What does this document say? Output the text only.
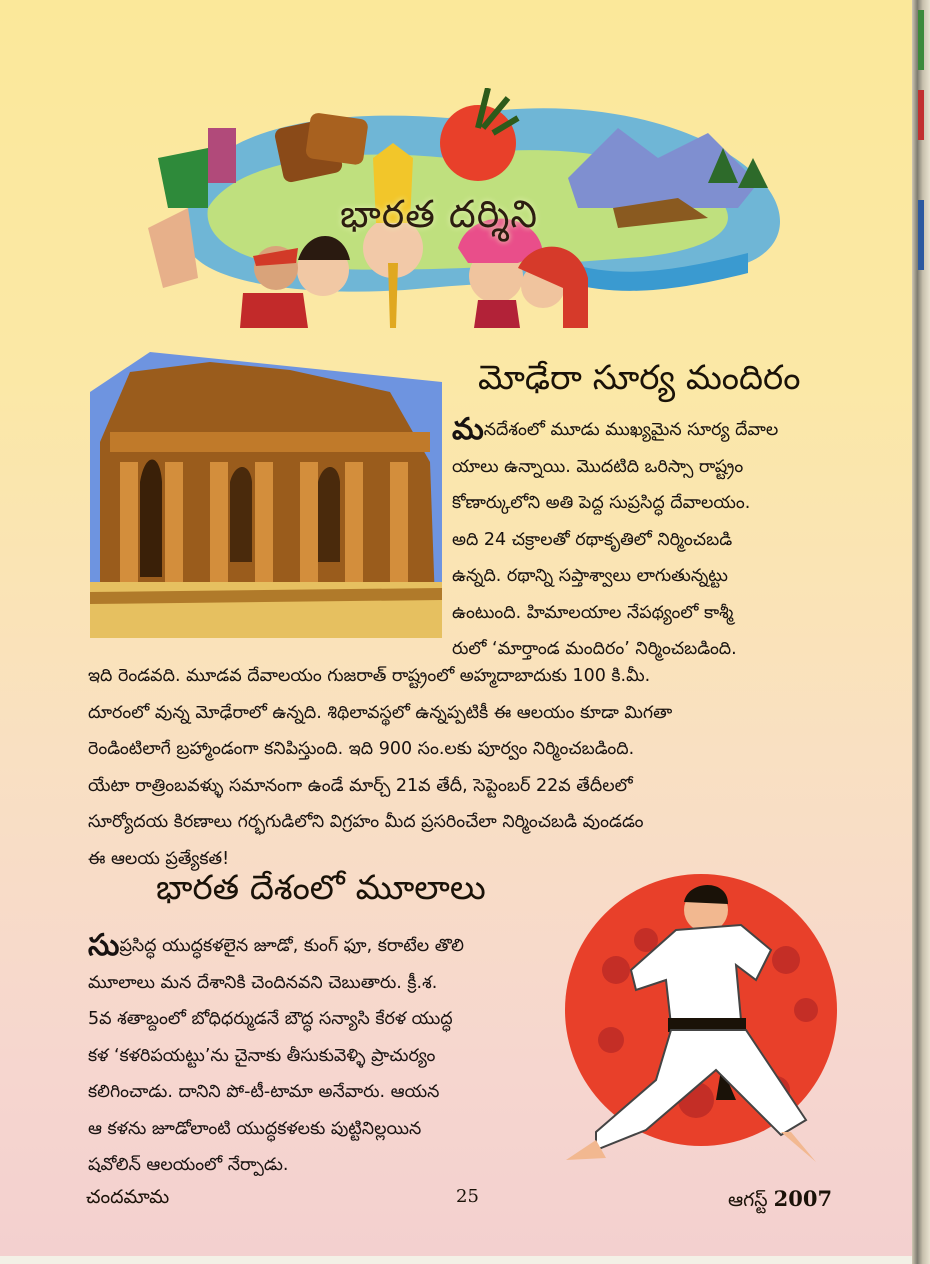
భారత దర్శిని
మోఢేరా సూర్య మందిరం
మనదేశంలో మూడు ముఖ్యమైన సూర్య దేవాల
యాలు ఉన్నాయి. మొదటిది ఒరిస్సా రాష్ట్రం
కోణార్కులోని అతి పెద్ద సుప్రసిద్ధ దేవాలయం.
అది 24 చక్రాలతో రథాకృతిలో నిర్మించబడి
ఉన్నది. రథాన్ని సప్తాశ్వాలు లాగుతున్నట్టు
ఉంటుంది. హిమాలయాల నేపథ్యంలో కాశ్మీ
రులో ‘మార్తాండ మందిరం’ నిర్మించబడింది.
ఇది రెండవది. మూడవ దేవాలయం గుజరాత్ రాష్ట్రంలో అహ్మదాబాదుకు 100 కి.మీ.
దూరంలో వున్న మోఢేరాలో ఉన్నది. శిథిలావస్థలో ఉన్నప్పటికీ ఈ ఆలయం కూడా మిగతా
రెండింటిలాగే బ్రహ్మాండంగా కనిపిస్తుంది. ఇది 900 సం.లకు పూర్వం నిర్మించబడింది.
యేటా రాత్రింబవళ్ళు సమానంగా ఉండే మార్చ్ 21వ తేదీ, సెప్టెంబర్ 22వ తేదీలలో
సూర్యోదయ కిరణాలు గర్భగుడిలోని విగ్రహం మీద ప్రసరించేలా నిర్మించబడి వుండడం
ఈ ఆలయ ప్రత్యేకత!
భారత దేశంలో మూలాలు
సుప్రసిద్ధ యుద్ధకళలైన జూడో, కుంగ్ ఫూ, కరాటేల తొలి
మూలాలు మన దేశానికి చెందినవని చెబుతారు. క్రీ.శ.
5వ శతాబ్దంలో బోధిధర్ముడనే బౌద్ధ సన్యాసి కేరళ యుద్ధ
కళ ‘కళరిపయట్టు’ను చైనాకు తీసుకువెళ్ళి ప్రాచుర్యం
కలిగించాడు. దానిని పో-టీ-టామా అనేవారు. ఆయన
ఆ కళను జూడోలాంటి యుద్ధకళలకు పుట్టినిల్లయిన
షవోలిన్ ఆలయంలో నేర్పాడు.
చందమామ	25	ఆగస్ట్ 2007
